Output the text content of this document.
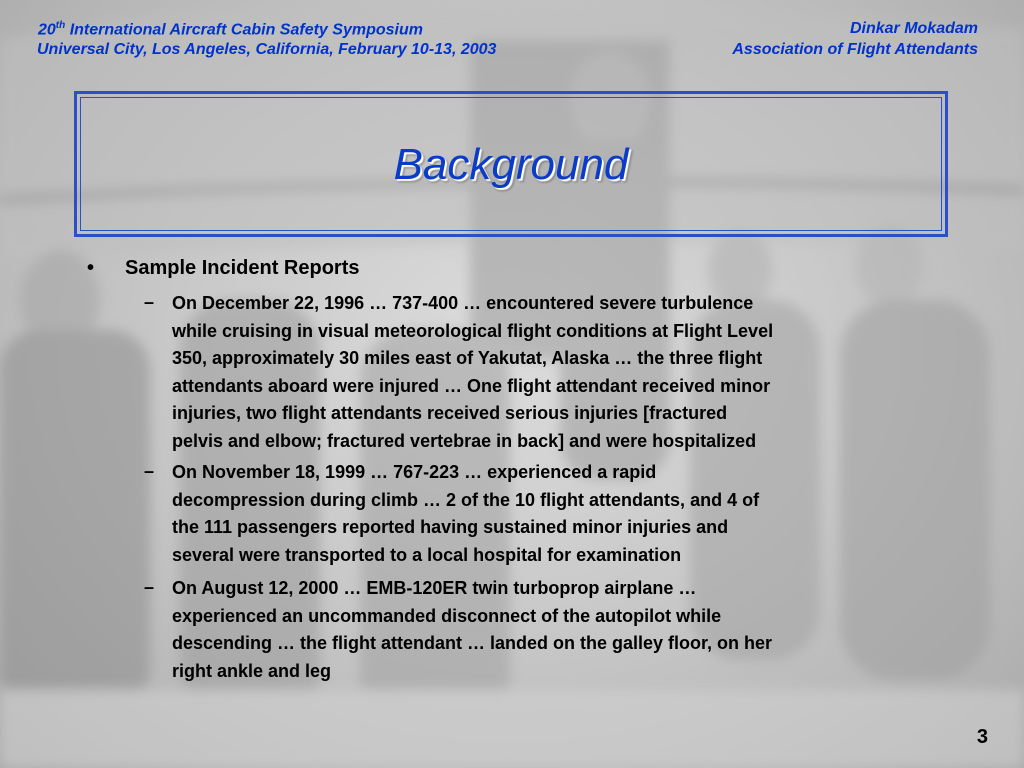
20th International Aircraft Cabin Safety Symposium
Universal City, Los Angeles, California, February 10-13, 2003
Dinkar Mokadam
Association of Flight Attendants
Background
• Sample Incident Reports
– On December 22, 1996 … 737-400 … encountered severe turbulence
while cruising in visual meteorological flight conditions at Flight Level
350, approximately 30 miles east of Yakutat, Alaska … the three flight
attendants aboard were injured … One flight attendant received minor
injuries, two flight attendants received serious injuries [fractured
pelvis and elbow; fractured vertebrae in back] and were hospitalized
– On November 18, 1999 … 767-223 … experienced a rapid
decompression during climb … 2 of the 10 flight attendants, and 4 of
the 111 passengers reported having sustained minor injuries and
several were transported to a local hospital for examination
– On August 12, 2000 … EMB-120ER twin turboprop airplane …
experienced an uncommanded disconnect of the autopilot while
descending … the flight attendant … landed on the galley floor, on her
right ankle and leg
3
